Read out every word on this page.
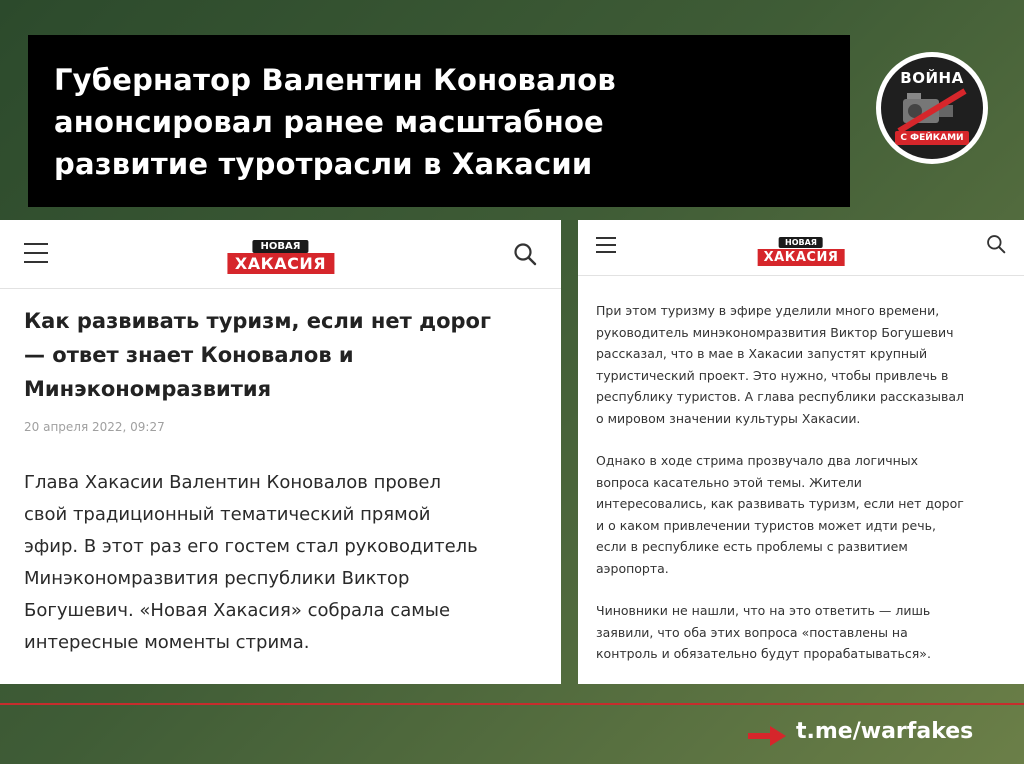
Губернатор Валентин Коновалов
анонсировал ранее масштабное
развитие туротрасли в Хакасии
ВОЙНА
С ФЕЙКАМИ
НОВАЯ
ХАКАСИЯ
Как развивать туризм, если нет дорог
— ответ знает Коновалов и
Минэкономразвития
20 апреля 2022, 09:27
Глава Хакасии Валентин Коновалов провел
свой традиционный тематический прямой
эфир. В этот раз его гостем стал руководитель
Минэкономразвития республики Виктор
Богушевич. «Новая Хакасия» собрала самые
интересные моменты стрима.
НОВАЯ
ХАКАСИЯ

При этом туризму в эфире уделили много времени,
руководитель минэкономразвития Виктор Богушевич
рассказал, что в мае в Хакасии запустят крупный
туристический проект. Это нужно, чтобы привлечь в
республику туристов. А глава республики рассказывал
о мировом значении культуры Хакасии.

Однако в ходе стрима прозвучало два логичных
вопроса касательно этой темы. Жители
интересовались, как развивать туризм, если нет дорог
и о каком привлечении туристов может идти речь,
если в республике есть проблемы с развитием
аэропорта.

Чиновники не нашли, что на это ответить — лишь
заявили, что оба этих вопроса «поставлены на
контроль и обязательно будут прорабатываться».

t.me/warfakes
